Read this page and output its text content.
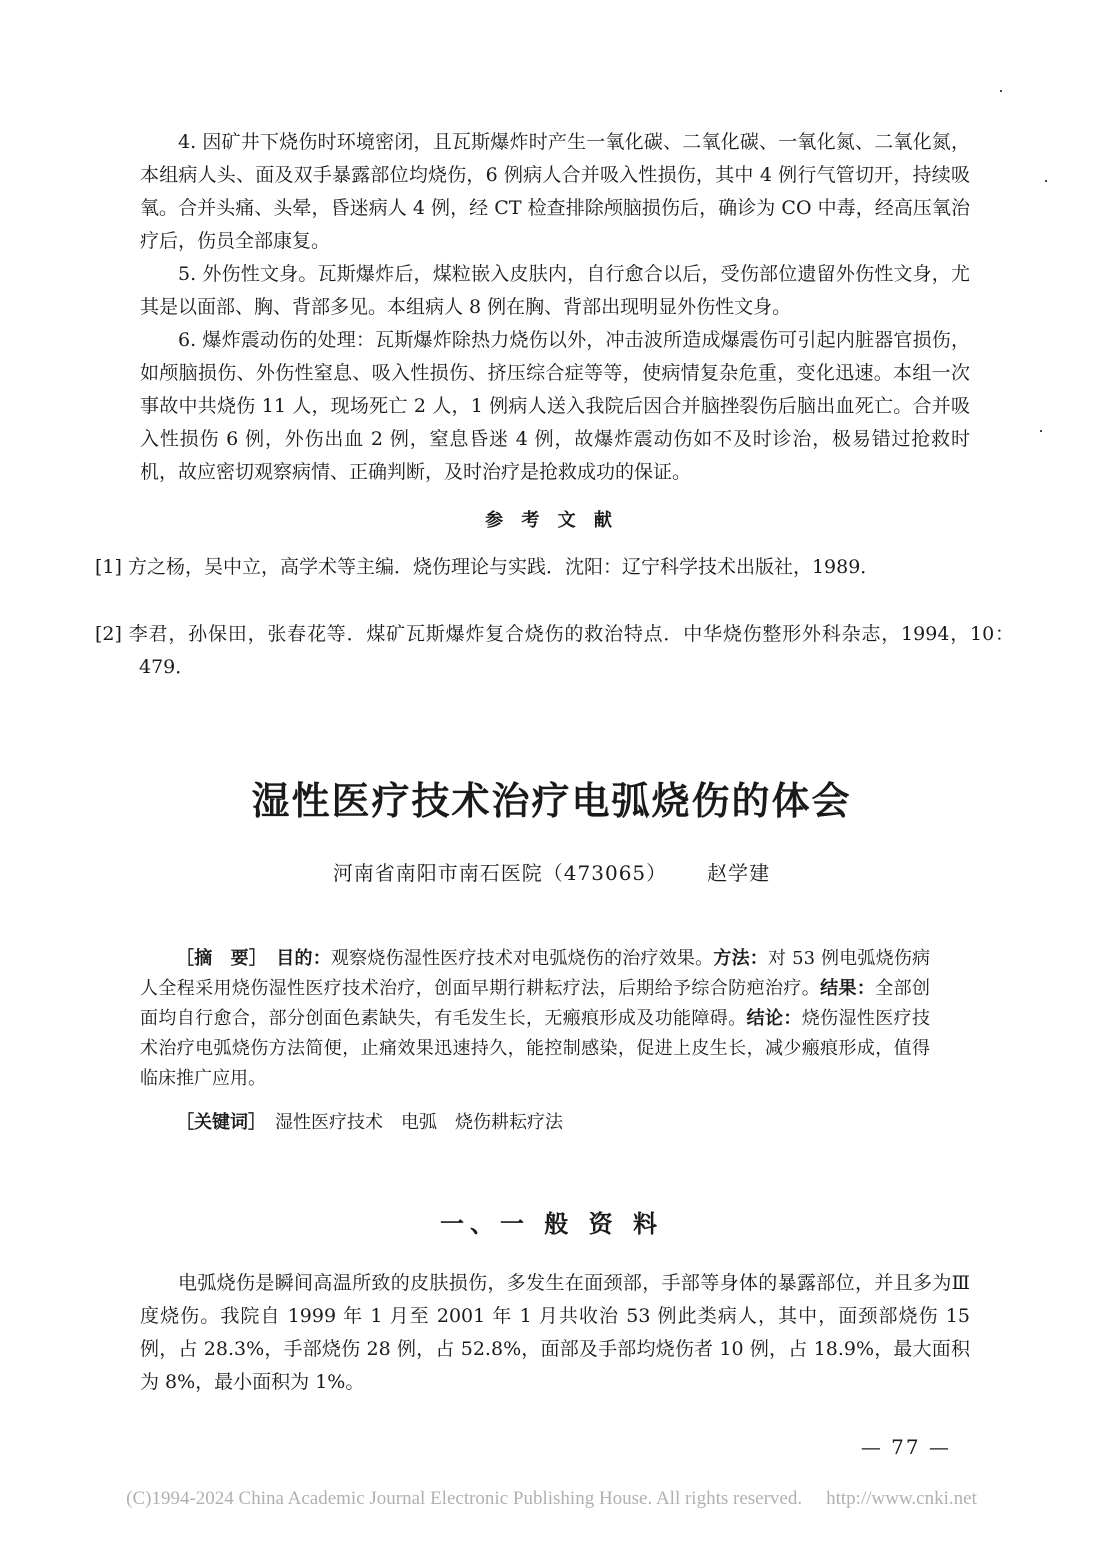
4. 因矿井下烧伤时环境密闭，且瓦斯爆炸时产生一氧化碳、二氧化碳、一氧化氮、二氧化氮，本组病人头、面及双手暴露部位均烧伤，6 例病人合并吸入性损伤，其中 4 例行气管切开，持续吸氧。合并头痛、头晕，昏迷病人 4 例，经 CT 检查排除颅脑损伤后，确诊为 CO 中毒，经高压氧治疗后，伤员全部康复。

5. 外伤性文身。瓦斯爆炸后，煤粒嵌入皮肤内，自行愈合以后，受伤部位遗留外伤性文身，尤其是以面部、胸、背部多见。本组病人 8 例在胸、背部出现明显外伤性文身。

6. 爆炸震动伤的处理：瓦斯爆炸除热力烧伤以外，冲击波所造成爆震伤可引起内脏器官损伤，如颅脑损伤、外伤性窒息、吸入性损伤、挤压综合症等等，使病情复杂危重，变化迅速。本组一次事故中共烧伤 11 人，现场死亡 2 人，1 例病人送入我院后因合并脑挫裂伤后脑出血死亡。合并吸入性损伤 6 例，外伤出血 2 例，窒息昏迷 4 例，故爆炸震动伤如不及时诊治，极易错过抢救时机，故应密切观察病情、正确判断，及时治疗是抢救成功的保证。

参 考 文 献

[1] 方之杨，吴中立，高学术等主编．烧伤理论与实践．沈阳：辽宁科学技术出版社，1989．

[2] 李君，孙保田，张春花等．煤矿瓦斯爆炸复合烧伤的救治特点．中华烧伤整形外科杂志，1994，10：479．

湿性医疗技术治疗电弧烧伤的体会
河南省南阳市南石医院（473065） 赵学建

［摘　要］　 目的：观察烧伤湿性医疗技术对电弧烧伤的治疗效果。方法：对 53 例电弧烧伤病人全程采用烧伤湿性医疗技术治疗，创面早期行耕耘疗法，后期给予综合防疤治疗。结果：全部创面均自行愈合，部分创面色素缺失，有毛发生长，无瘢痕形成及功能障碍。结论：烧伤湿性医疗技术治疗电弧烧伤方法简便，止痛效果迅速持久，能控制感染，促进上皮生长，减少瘢痕形成，值得临床推广应用。

［关键词］　 湿性医疗技术　电弧　烧伤耕耘疗法

一、一 般 资 料

电弧烧伤是瞬间高温所致的皮肤损伤，多发生在面颈部，手部等身体的暴露部位，并且多为Ⅲ度烧伤。我院自 1999 年 1 月至 2001 年 1 月共收治 53 例此类病人，其中，面颈部烧伤 15 例，占 28.3%，手部烧伤 28 例，占 52.8%，面部及手部均烧伤者 10 例，占 18.9%，最大面积为 8%，最小面积为 1%。

— 77 —
(C)1994-2024 China Academic Journal Electronic Publishing House. All rights reserved. http://www.cnki.net
